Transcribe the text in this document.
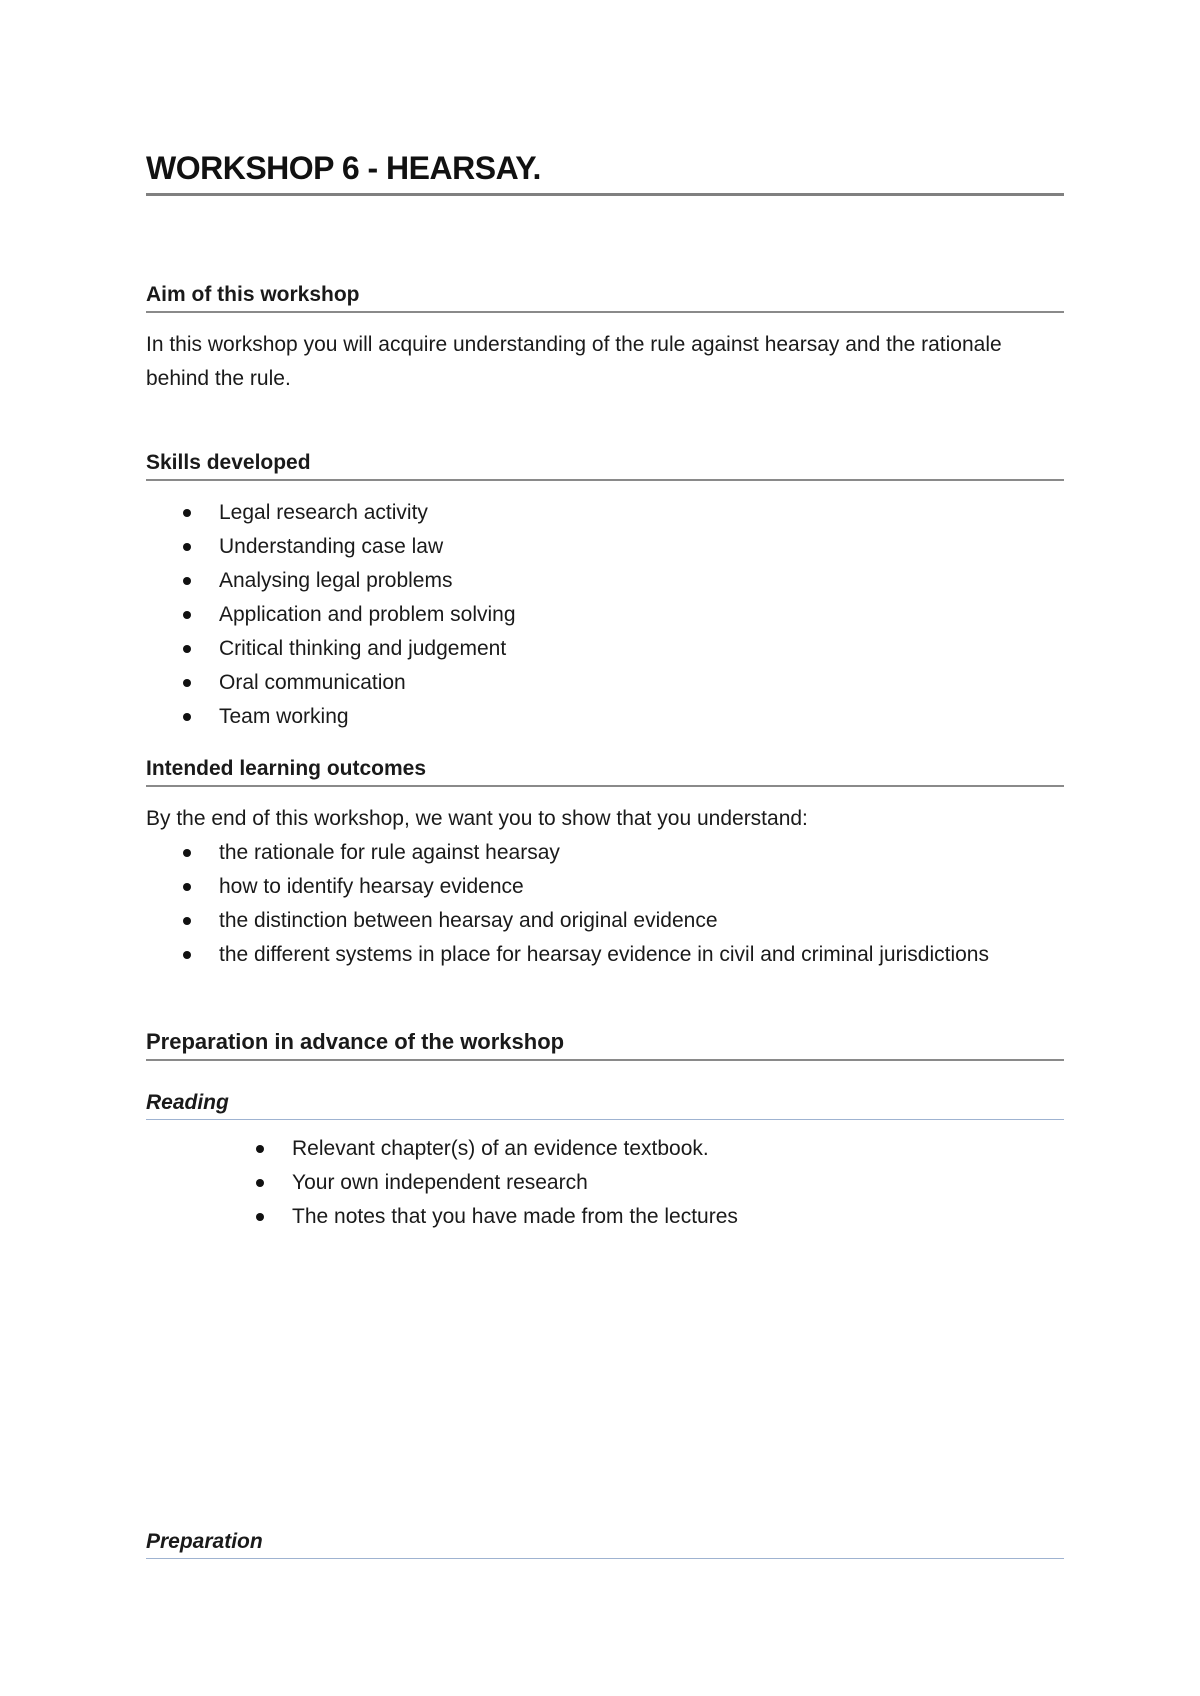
WORKSHOP 6 - HEARSAY.
Aim of this workshop

In this workshop you will acquire understanding of the rule against hearsay and the rationale behind the rule.

Skills developed
Legal research activity
Understanding case law
Analysing legal problems
Application and problem solving
Critical thinking and judgement
Oral communication
Team working
Intended learning outcomes

By the end of this workshop, we want you to show that you understand:

the rationale for rule against hearsay
how to identify hearsay evidence
the distinction between hearsay and original evidence
the different systems in place for hearsay evidence in civil and criminal jurisdictions
Preparation in advance of the workshop
Reading
Relevant chapter(s) of an evidence textbook.
Your own independent research
The notes that you have made from the lectures
Preparation
